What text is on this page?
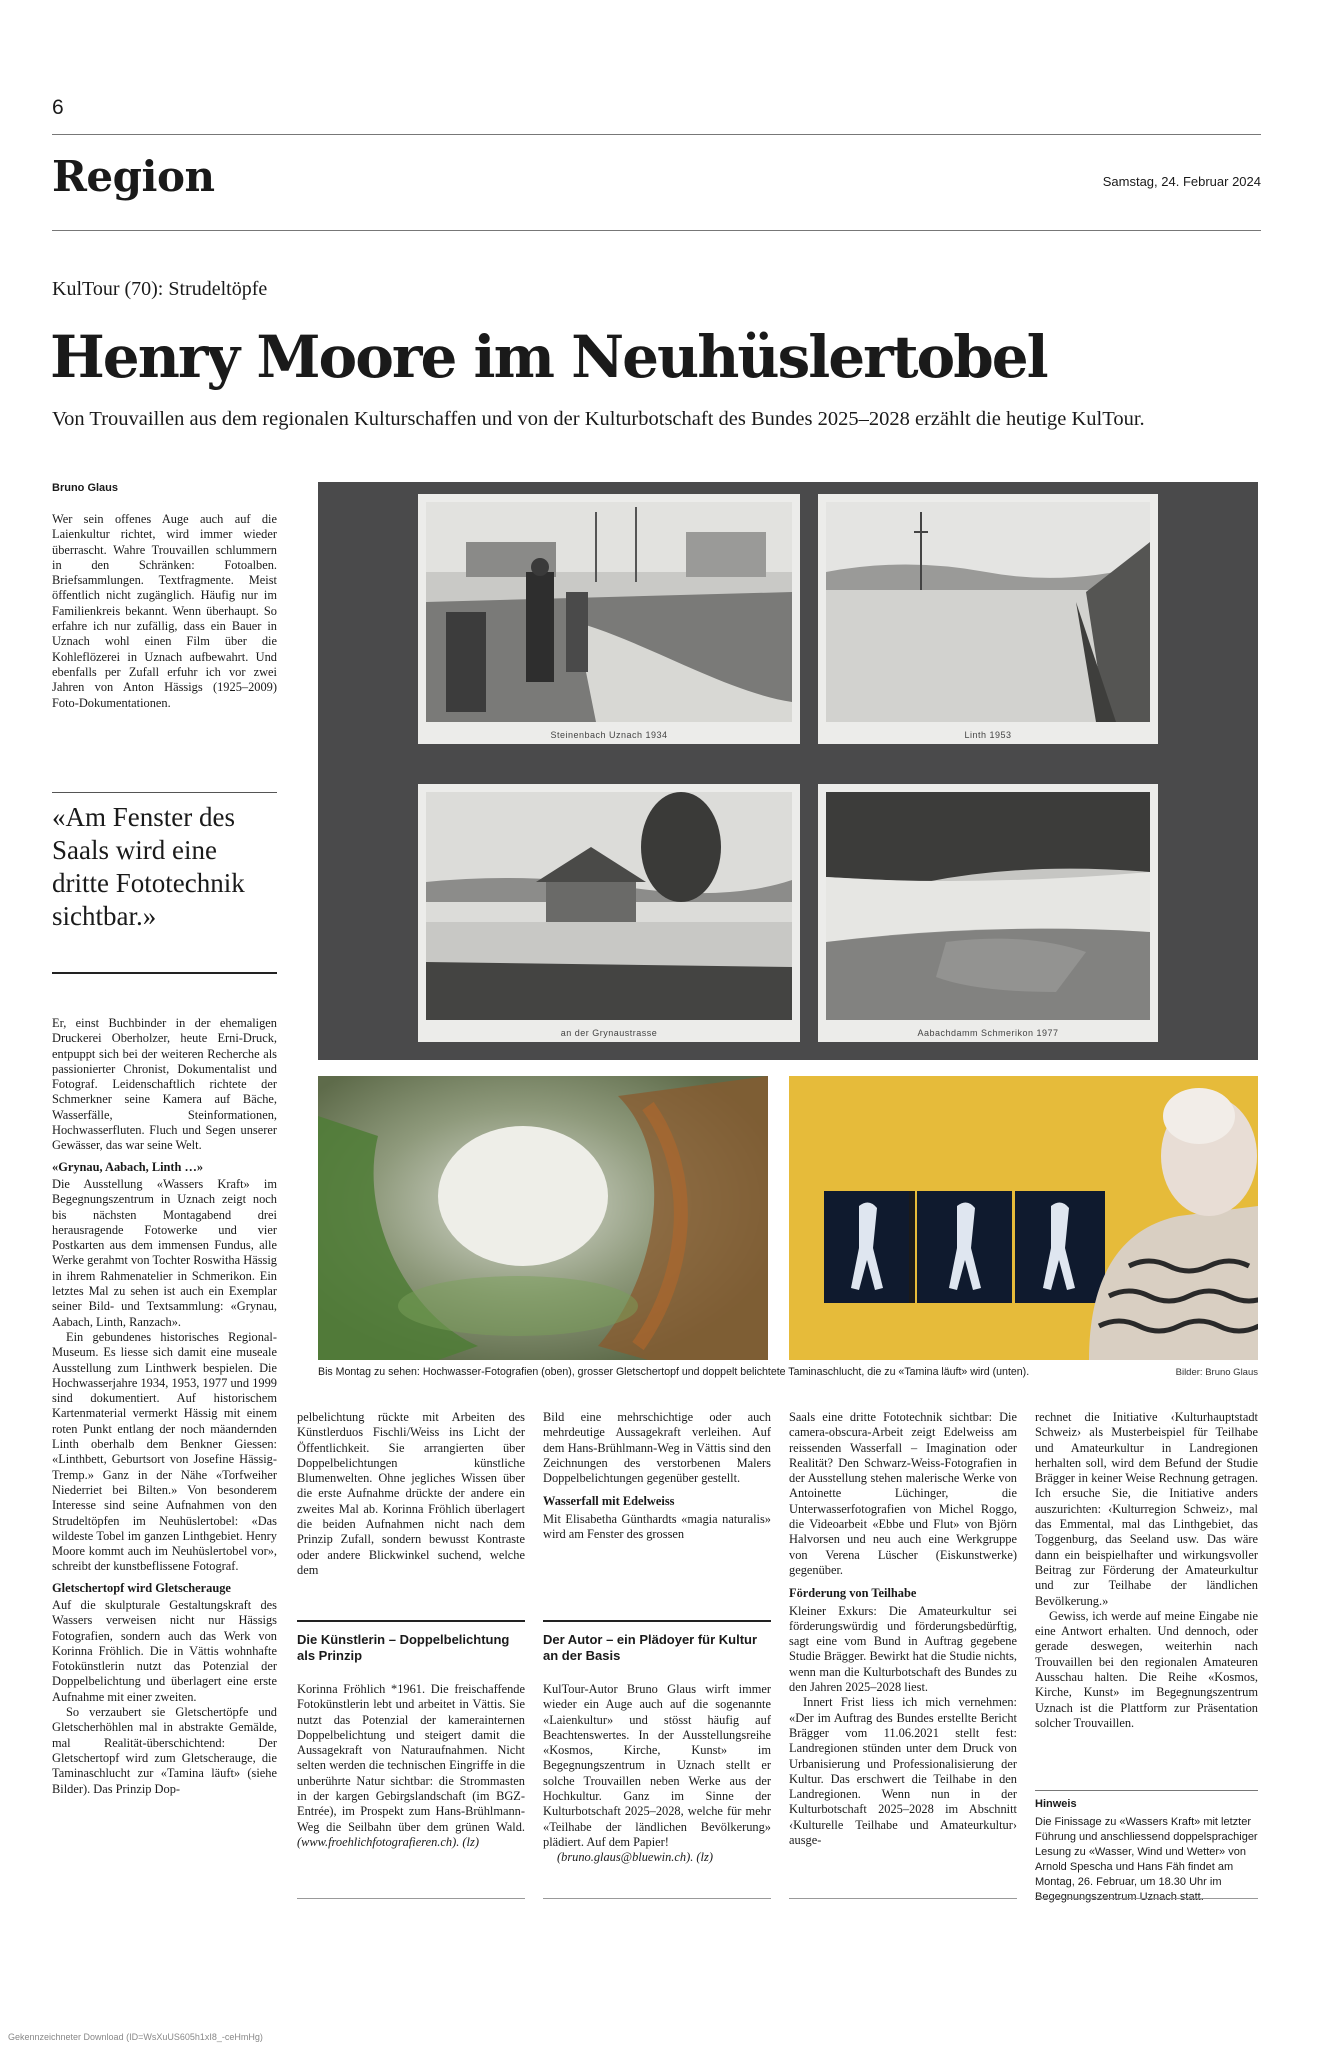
6
Region	Samstag, 24. Februar 2024
KulTour (70): Strudeltöpfe
Henry Moore im Neuhüslertobel
Von Trouvaillen aus dem regionalen Kulturschaffen und von der Kulturbotschaft des Bundes 2025–2028 erzählt die heutige KulTour.
Bruno Glaus

Wer sein offenes Auge auch auf die Laienkultur richtet, wird immer wieder überrascht. Wahre Trouvaillen schlummern in den Schränken: Fotoalben. Briefsammlungen. Textfragmente. Meist öffentlich nicht zugänglich. Häufig nur im Familienkreis bekannt. Wenn überhaupt. So erfahre ich nur zufällig, dass ein Bauer in Uznach wohl einen Film über die Kohleflözerei in Uznach aufbewahrt. Und ebenfalls per Zufall erfuhr ich vor zwei Jahren von Anton Hässigs (1925–2009) Foto-Dokumentationen.

«Am Fenster des Saals wird eine dritte Fototechnik sichtbar.»

Er, einst Buchbinder in der ehemaligen Druckerei Oberholzer, heute Erni-Druck, entpuppt sich bei der weiteren Recherche als passionierter Chronist, Dokumentalist und Fotograf. Leidenschaftlich richtete der Schmerkner seine Kamera auf Bäche, Wasserfälle, Steinformationen, Hochwasserfluten. Fluch und Segen unserer Gewässer, das war seine Welt.

«Grynau, Aabach, Linth …»

Die Ausstellung «Wassers Kraft» im Begegnungszentrum in Uznach zeigt noch bis nächsten Montagabend drei herausragende Fotowerke und vier Postkarten aus dem immensen Fundus, alle Werke gerahmt von Tochter Roswitha Hässig in ihrem Rahmenatelier in Schmerikon. Ein letztes Mal zu sehen ist auch ein Exemplar seiner Bild- und Textsammlung: «Grynau, Aabach, Linth, Ranzach».

Ein gebundenes historisches Regional-Museum. Es liesse sich damit eine museale Ausstellung zum Linthwerk bespielen. Die Hochwasserjahre 1934, 1953, 1977 und 1999 sind dokumentiert. Auf historischem Kartenmaterial vermerkt Hässig mit einem roten Punkt entlang der noch mäandernden Linth oberhalb dem Benkner Giessen: «Linthbett, Geburtsort von Josefine Hässig-Tremp.» Ganz in der Nähe «Torfweiher Niederriet bei Bilten.» Von besonderem Interesse sind seine Aufnahmen von den Strudeltöpfen im Neuhüslertobel: «Das wildeste Tobel im ganzen Linthgebiet. Henry Moore kommt auch im Neuhüslertobel vor», schreibt der kunstbeflissene Fotograf.

Gletschertopf wird Gletscherauge

Auf die skulpturale Gestaltungskraft des Wassers verweisen nicht nur Hässigs Fotografien, sondern auch das Werk von Korinna Fröhlich. Die in Vättis wohnhafte Fotokünstlerin nutzt das Potenzial der Doppelbelichtung und überlagert eine erste Aufnahme mit einer zweiten.

So verzaubert sie Gletschertöpfe und Gletscherhöhlen mal in abstrakte Gemälde, mal Realität-überschichtend: Der Gletschertopf wird zum Gletscherauge, die Taminaschlucht zur «Tamina läuft» (siehe Bilder). Das Prinzip Dop-

Steinenbach Uznach 1934	Linth 1953
an der Grynaustrasse	Aabachdamm Schmerikon 1977
Bis Montag zu sehen: Hochwasser-Fotografien (oben), grosser Gletschertopf und doppelt belichtete Taminaschlucht, die zu «Tamina läuft» wird (unten).	Bilder: Bruno Glaus

pelbelichtung rückte mit Arbeiten des Künstlerduos Fischli/Weiss ins Licht der Öffentlichkeit. Sie arrangierten über Doppelbelichtungen künstliche Blumenwelten. Ohne jegliches Wissen über die erste Aufnahme drückte der andere ein zweites Mal ab. Korinna Fröhlich überlagert die beiden Aufnahmen nicht nach dem Prinzip Zufall, sondern bewusst Kontraste oder andere Blickwinkel suchend, welche dem

Die Künstlerin – Doppelbelichtung als Prinzip

Korinna Fröhlich *1961. Die freischaffende Fotokünstlerin lebt und arbeitet in Vättis. Sie nutzt das Potenzial der kamerainternen Doppelbelichtung und steigert damit die Aussagekraft von Naturaufnahmen. Nicht selten werden die technischen Eingriffe in die unberührte Natur sichtbar: die Strommasten in der kargen Gebirgslandschaft (im BGZ-Entrée), im Prospekt zum Hans-Brühlmann-Weg die Seilbahn über dem grünen Wald. (www.froehlichfotografieren.ch). (lz)

Bild eine mehrschichtige oder auch mehrdeutige Aussagekraft verleihen. Auf dem Hans-Brühlmann-Weg in Vättis sind den Zeichnungen des verstorbenen Malers Doppelbelichtungen gegenüber gestellt.

Wasserfall mit Edelweiss

Mit Elisabetha Günthardts «magia naturalis» wird am Fenster des grossen

Der Autor – ein Plädoyer für Kultur an der Basis

KulTour-Autor Bruno Glaus wirft immer wieder ein Auge auch auf die sogenannte «Laienkultur» und stösst häufig auf Beachtenswertes. In der Ausstellungsreihe «Kosmos, Kirche, Kunst» im Begegnungszentrum in Uznach stellt er solche Trouvaillen neben Werke aus der Hochkultur. Ganz im Sinne der Kulturbotschaft 2025–2028, welche für mehr «Teilhabe der ländlichen Bevölkerung» plädiert. Auf dem Papier!

(bruno.glaus@bluewin.ch). (lz)

Saals eine dritte Fototechnik sichtbar: Die camera-obscura-Arbeit zeigt Edelweiss am reissenden Wasserfall – Imagination oder Realität? Den Schwarz-Weiss-Fotografien in der Ausstellung stehen malerische Werke von Antoinette Lüchinger, die Unterwasserfotografien von Michel Roggo, die Videoarbeit «Ebbe und Flut» von Björn Halvorsen und neu auch eine Werkgruppe von Verena Lüscher (Eiskunstwerke) gegenüber.

Förderung von Teilhabe

Kleiner Exkurs: Die Amateurkultur sei förderungswürdig und förderungsbedürftig, sagt eine vom Bund in Auftrag gegebene Studie Brägger. Bewirkt hat die Studie nichts, wenn man die Kulturbotschaft des Bundes zu den Jahren 2025–2028 liest.

Innert Frist liess ich mich vernehmen: «Der im Auftrag des Bundes erstellte Bericht Brägger vom 11.06.2021 stellt fest: Landregionen stünden unter dem Druck von Urbanisierung und Professionalisierung der Kultur. Das erschwert die Teilhabe in den Landregionen. Wenn nun in der Kulturbotschaft 2025–2028 im Abschnitt ‹Kulturelle Teilhabe und Amateurkultur› ausge-

rechnet die Initiative ‹Kulturhauptstadt Schweiz› als Musterbeispiel für Teilhabe und Amateurkultur in Landregionen herhalten soll, wird dem Befund der Studie Brägger in keiner Weise Rechnung getragen. Ich ersuche Sie, die Initiative anders auszurichten: ‹Kulturregion Schweiz›, mal das Emmental, mal das Linthgebiet, das Toggenburg, das Seeland usw. Das wäre dann ein beispielhafter und wirkungsvoller Beitrag zur Förderung der Amateurkultur und zur Teilhabe der ländlichen Bevölkerung.»

Gewiss, ich werde auf meine Eingabe nie eine Antwort erhalten. Und dennoch, oder gerade deswegen, weiterhin nach Trouvaillen bei den regionalen Amateuren Ausschau halten. Die Reihe «Kosmos, Kirche, Kunst» im Begegnungszentrum Uznach ist die Plattform zur Präsentation solcher Trouvaillen.

Hinweis

Die Finissage zu «Wassers Kraft» mit letzter Führung und anschliessend doppelsprachiger Lesung zu «Wasser, Wind und Wetter» von Arnold Spescha und Hans Fäh findet am Montag, 26. Februar, um 18.30 Uhr im Begegnungszentrum Uznach statt.

Gekennzeichneter Download (ID=WsXuUS605h1xI8_-ceHmHg)
